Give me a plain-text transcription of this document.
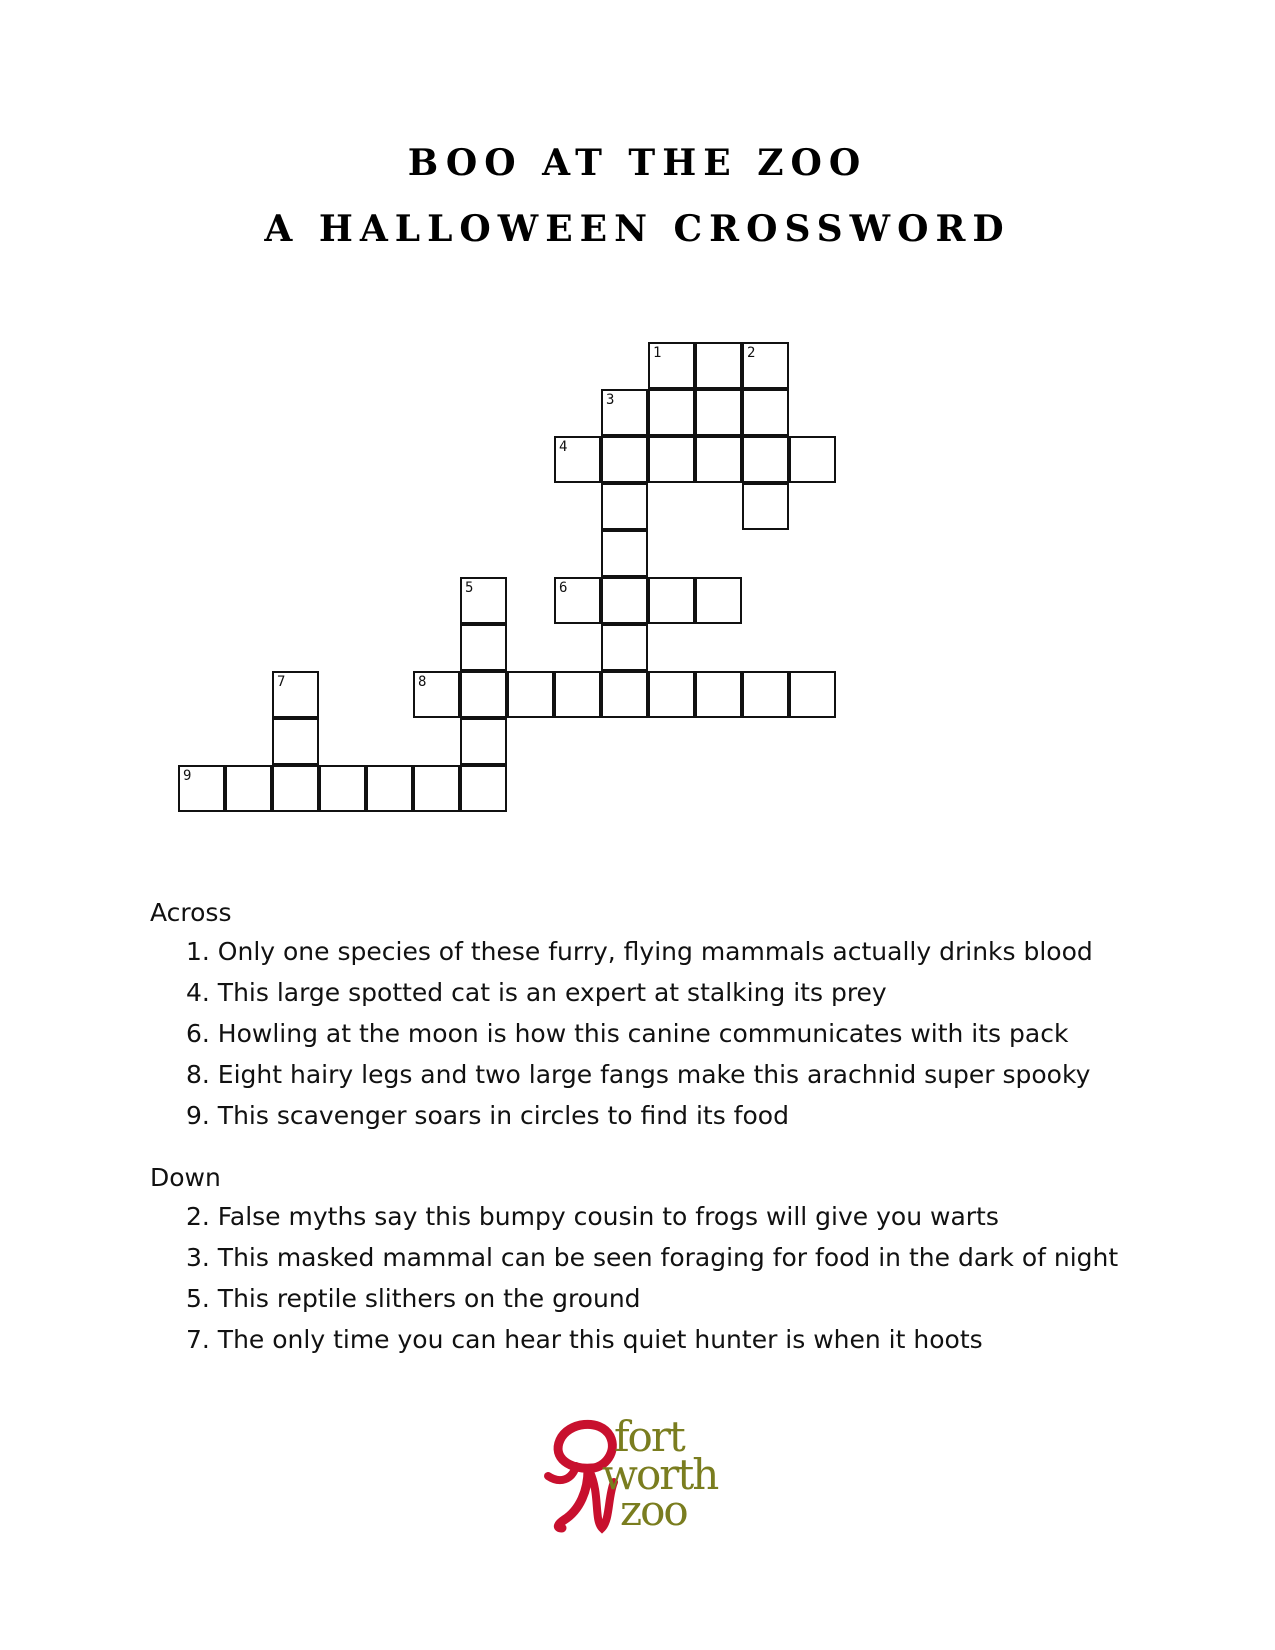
BOO AT THE ZOO
A HALLOWEEN CROSSWORD
1	2
3
4
5	6
7	8
9
Across
1. Only one species of these furry, flying mammals actually drinks blood
4. This large spotted cat is an expert at stalking its prey
6. Howling at the moon is how this canine communicates with its pack
8. Eight hairy legs and two large fangs make this arachnid super spooky
9. This scavenger soars in circles to find its food
Down
2. False myths say this bumpy cousin to frogs will give you warts
3. This masked mammal can be seen foraging for food in the dark of night
5. This reptile slithers on the ground
7. The only time you can hear this quiet hunter is when it hoots
fort
worth
zoo
